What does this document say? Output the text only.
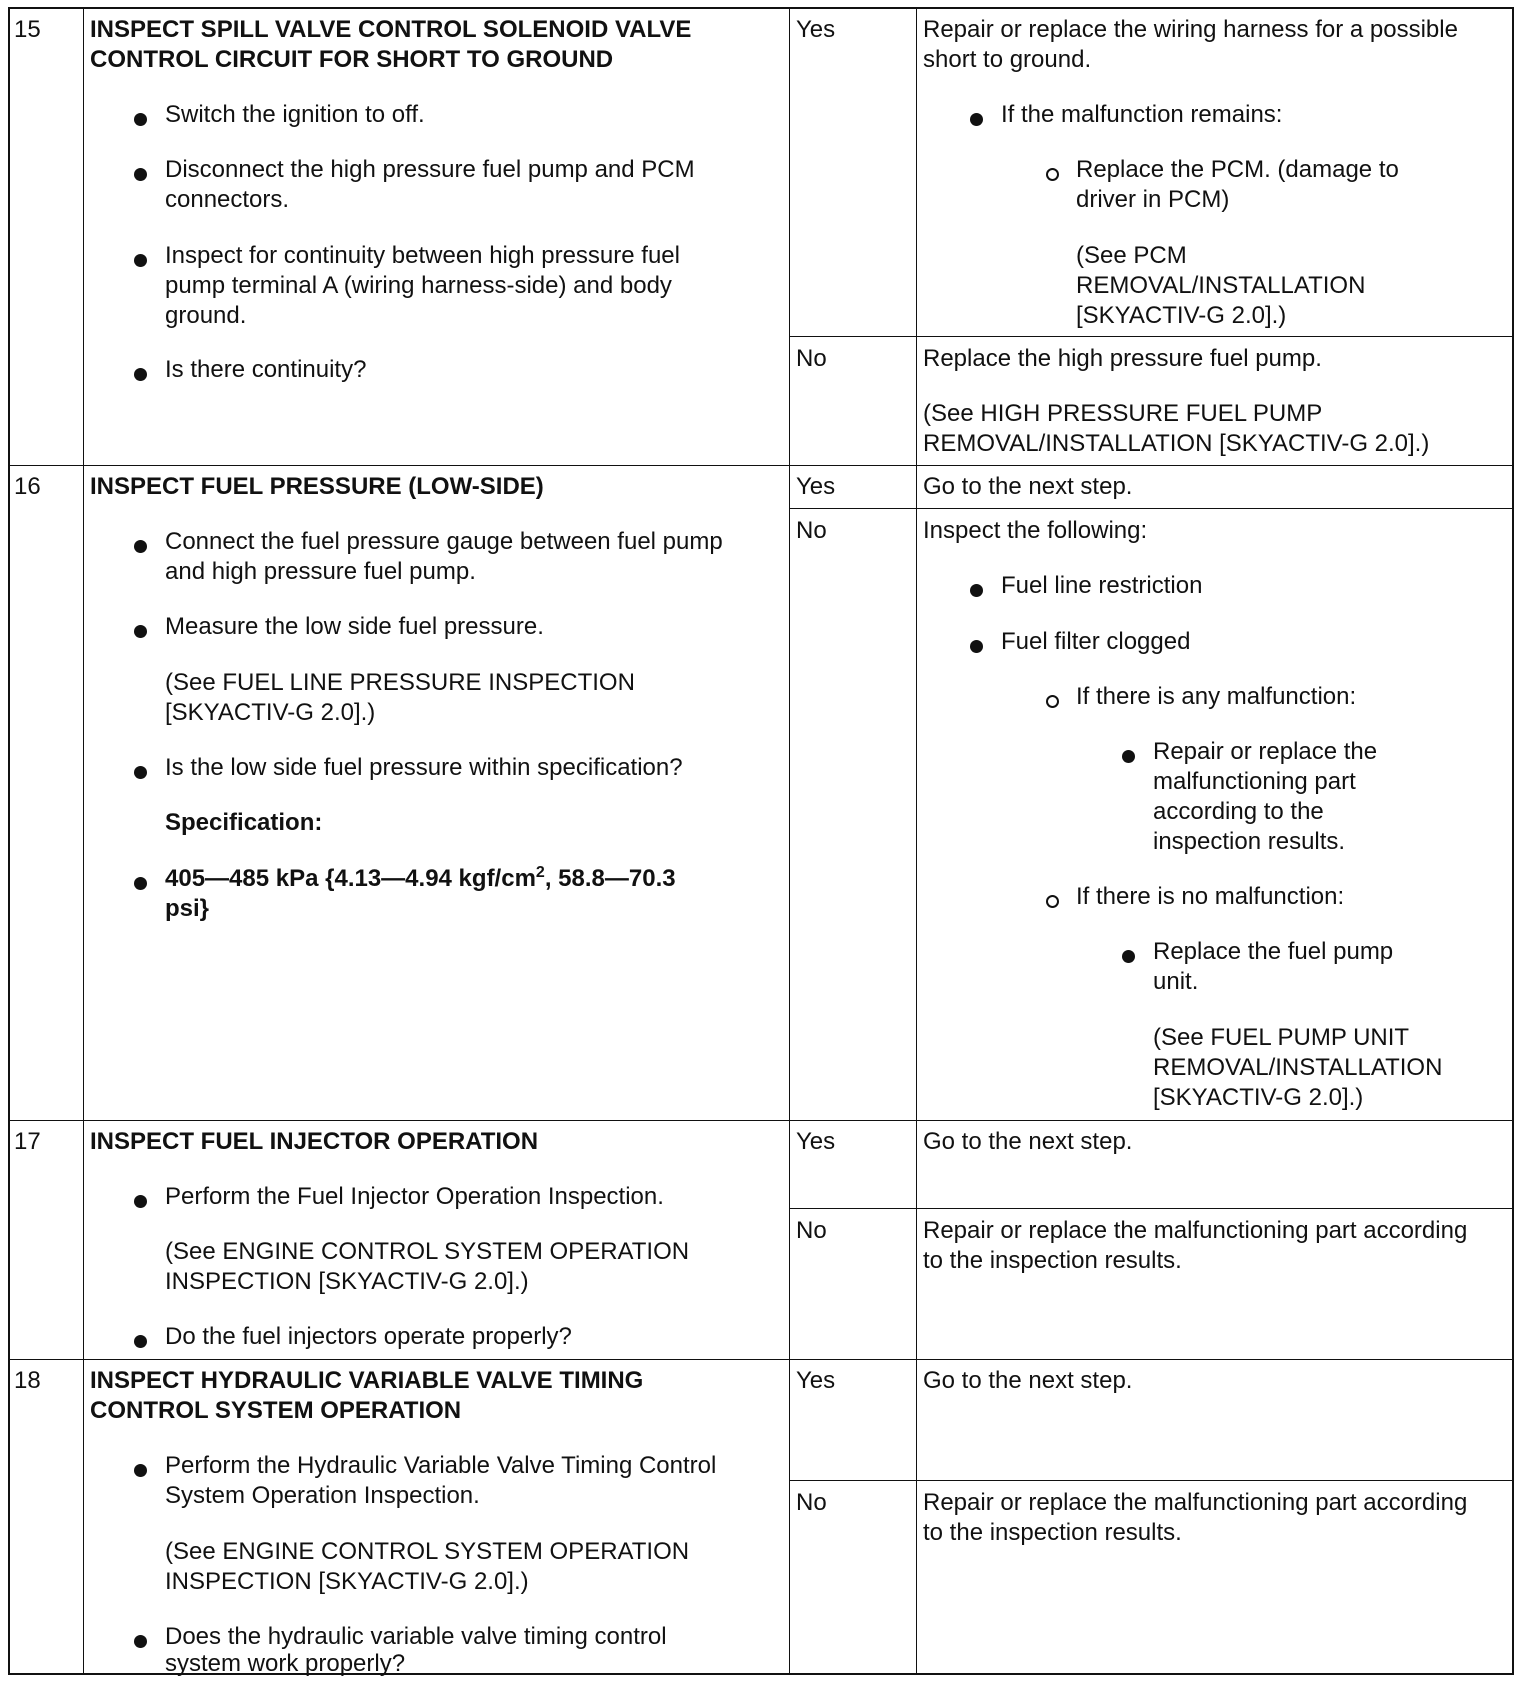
15 INSPECT SPILL VALVE CONTROL SOLENOID VALVE
CONTROL CIRCUIT FOR SHORT TO GROUND
Switch the ignition to off.
Disconnect the high pressure fuel pump and PCM
connectors.
Inspect for continuity between high pressure fuel
pump terminal A (wiring harness-side) and body
ground.
Is there continuity?
Yes	Repair or replace the wiring harness for a possible
short to ground.
If the malfunction remains:
Replace the PCM. (damage to
driver in PCM)
(See PCM
REMOVAL/INSTALLATION
[SKYACTIV-G 2.0].)
No	Replace the high pressure fuel pump.
(See HIGH PRESSURE FUEL PUMP
REMOVAL/INSTALLATION [SKYACTIV-G 2.0].)
16 INSPECT FUEL PRESSURE (LOW-SIDE)
Connect the fuel pressure gauge between fuel pump
and high pressure fuel pump.
Measure the low side fuel pressure.
(See FUEL LINE PRESSURE INSPECTION
[SKYACTIV-G 2.0].)
Is the low side fuel pressure within specification?
Specification:
405—485 kPa {4.13—4.94 kgf/$cm^2$, 58.8—70.3
psi}
Yes	Go to the next step.
No	Inspect the following:
Fuel line restriction
Fuel filter clogged
If there is any malfunction:
Repair or replace the
malfunctioning part
according to the
inspection results.
If there is no malfunction:
Replace the fuel pump
unit.
(See FUEL PUMP UNIT
REMOVAL/INSTALLATION
[SKYACTIV-G 2.0].)
17 INSPECT FUEL INJECTOR OPERATION
Perform the Fuel Injector Operation Inspection.
(See ENGINE CONTROL SYSTEM OPERATION
INSPECTION [SKYACTIV-G 2.0].)
Do the fuel injectors operate properly?
Yes	Go to the next step.
No	Repair or replace the malfunctioning part according
to the inspection results.
18 INSPECT HYDRAULIC VARIABLE VALVE TIMING
CONTROL SYSTEM OPERATION
Perform the Hydraulic Variable Valve Timing Control
System Operation Inspection.
(See ENGINE CONTROL SYSTEM OPERATION
INSPECTION [SKYACTIV-G 2.0].)
Does the hydraulic variable valve timing control
system work properly?
Yes	Go to the next step.
No	Repair or replace the malfunctioning part according
to the inspection results.
